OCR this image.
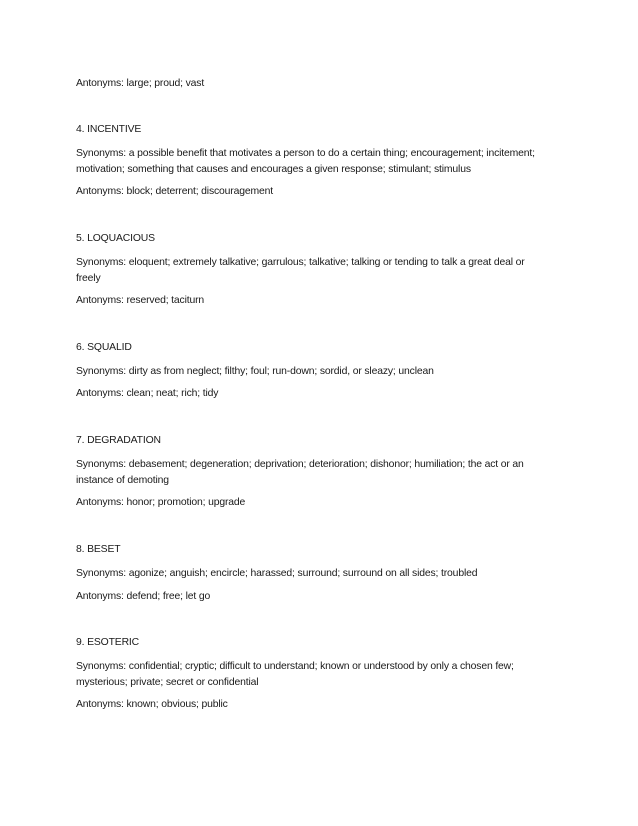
Antonyms: large; proud; vast
4. INCENTIVE
Synonyms: a possible benefit that motivates a person to do a certain thing; encouragement; incitement;
motivation; something that causes and encourages a given response; stimulant; stimulus
Antonyms: block; deterrent; discouragement
5. LOQUACIOUS
Synonyms: eloquent; extremely talkative; garrulous; talkative; talking or tending to talk a great deal or
freely
Antonyms: reserved; taciturn
6. SQUALID
Synonyms: dirty as from neglect; filthy; foul; run-down; sordid, or sleazy; unclean
Antonyms: clean; neat; rich; tidy
7. DEGRADATION
Synonyms: debasement; degeneration; deprivation; deterioration; dishonor; humiliation; the act or an
instance of demoting
Antonyms: honor; promotion; upgrade
8. BESET
Synonyms: agonize; anguish; encircle; harassed; surround; surround on all sides; troubled
Antonyms: defend; free; let go
9. ESOTERIC
Synonyms: confidential; cryptic; difficult to understand; known or understood by only a chosen few;
mysterious; private; secret or confidential
Antonyms: known; obvious; public
